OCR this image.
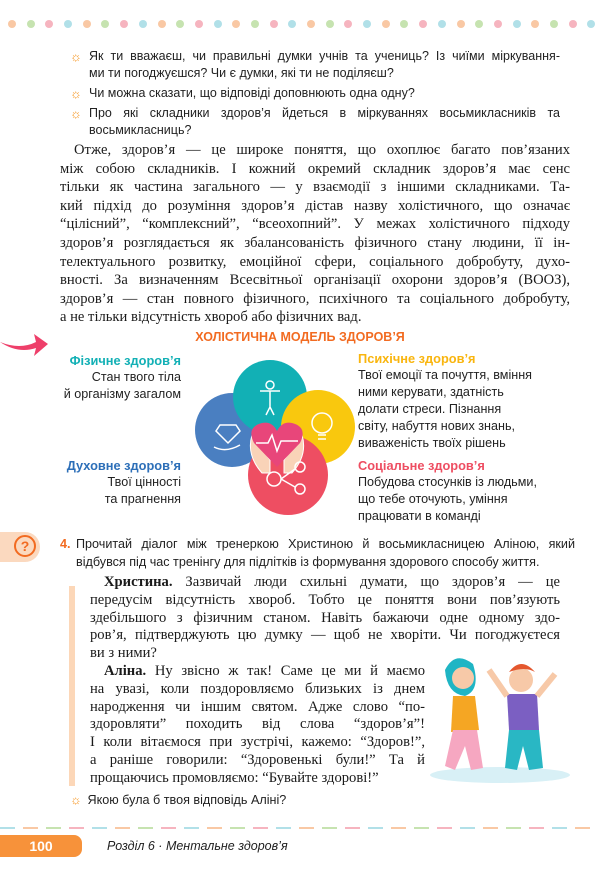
☼ Як ти вважаєш, чи правильні думки учнів та учениць? Із чиїми міркування-
ми ти погоджуєшся? Чи є думки, які ти не поділяєш?
☼ Чи можна сказати, що відповіді доповнюють одна одну?
☼ Про які складники здоров’я йдеться в міркуваннях восьмикласників та
восьмикласниць?
Отже, здоров’я — це широке поняття, що охоплює багато пов’язаних
між собою складників. І кожний окремий складник здоров’я має сенс
тільки як частина загального — у взаємодії з іншими складниками. Та-
кий підхід до розуміння здоров’я дістав назву холістичного, що означає
“цілісний”, “комплексний”, “всеохопний”. У межах холістичного підходу
здоров’я розглядається як збалансованість фізичного стану людини, її ін-
телектуального розвитку, емоційної сфери, соціального добробуту, духо-
вності. За визначенням Всесвітньої організації охорони здоров’я (ВООЗ),
здоров’я — стан повного фізичного, психічного та соціального добробуту,
а не тільки відсутність хвороб або фізичних вад.
ХОЛІСТИЧНА МОДЕЛЬ ЗДОРОВ’Я
Фізичне здоров’я
Стан твого тіла
й організму загалом
Психічне здоров’я
Твої емоції та почуття, вміння
ними керувати, здатність
долати стреси. Пізнання
світу, набуття нових знань,
виваженість твоїх рішень
Духовне здоров’я
Твої цінності
та прагнення
Соціальне здоров’я
Побудова стосунків із людьми,
що тебе оточують, уміння
працювати в команді
?	4. Прочитай діалог між тренеркою Христиною й восьмикласницею Аліною, який
відбувся під час тренінгу для підлітків із формування здорового способу життя.
Христина. Зазвичай люди схильні думати, що здоров’я — це
передусім відсутність хвороб. Тобто це поняття вони пов’язують
здебільшого з фізичним станом. Навіть бажаючи одне одному здо-
ров’я, підтверджують цю думку — щоб не хворіти. Чи погоджуєтеся
ви з ними?
Аліна. Ну звісно ж так! Саме це ми й маємо
на увазі, коли поздоровляємо близьких із днем
народження чи іншим святом. Адже слово “по-
здоровляти” походить від слова “здоров’я”!
І коли вітаємося при зустрічі, кажемо: “Здоров!”,
а раніше говорили: “Здоровенькі були!” Та й
прощаючись промовляємо: “Бувайте здорові!”
☼ Якою була б твоя відповідь Аліні?
100	Розділ 6 · Ментальне здоров’я
